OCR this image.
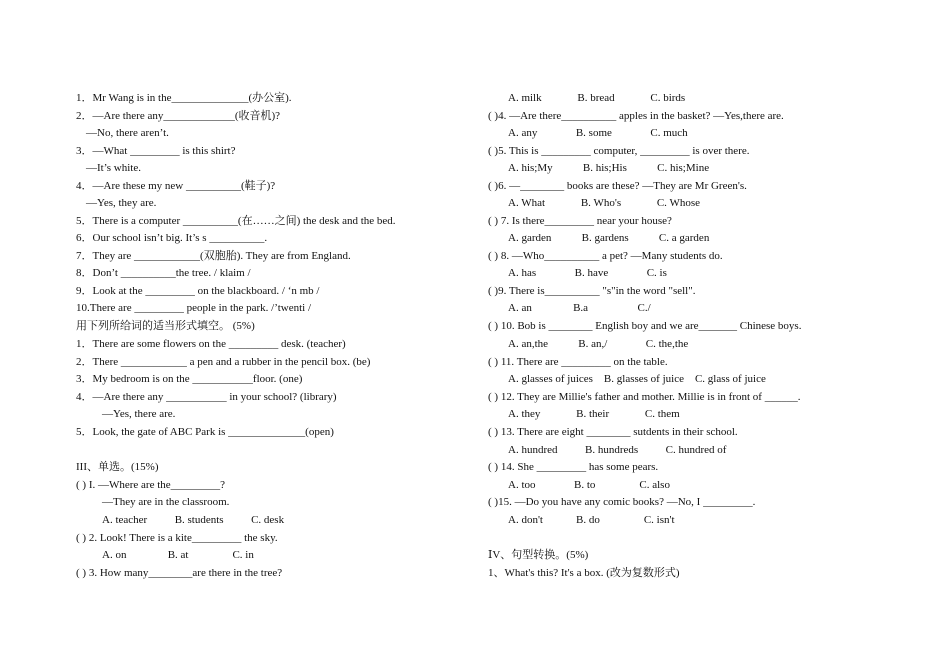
1．Mr Wang is in the______________(办公室).
2．—Are there any_____________(收音机)?
—No, there aren’t.
3．—What _________ is this shirt?
—It’s white.
4．—Are these my new __________(鞋子)?
—Yes, they are.
5．There is a computer __________(在……之间) the desk and the bed.
6．Our school isn’t big. It’s s __________.
7．They are ____________(双胞胎). They are from England.
8．Don’t __________the tree. / klaim /
9．Look at the _________ on the blackboard. / ‘n mb /
10.There are _________ people in the park. /’twenti /
用下列所给词的适当形式填空。 (5%)
1．There are some flowers on the _________ desk. (teacher)
2．There ____________ a pen and a rubber in the pencil box. (be)
3．My bedroom is on the ___________floor. (one)
4．—Are there any ___________ in your school? (library)
—Yes, there are.
5．Look, the gate of ABC Park is ______________(open)
III、单选。(15%)
( ) I. —Where are the_________?
—They are in the classroom.
A. teacher          B. students          C. desk
( ) 2. Look! There is a kite_________ the sky.
A. on               B. at                C. in
( ) 3. How many________are there in the tree?
A. milk             B. bread             C. birds
( )4. —Are there__________ apples in the basket? —Yes,there are.
A. any              B. some              C. much
( )5. This is _________ computer, _________ is over there.
A. his;My           B. his;His           C. his;Mine
( )6. —________ books are these? —They are Mr Green's.
A. What             B. Who's             C. Whose
( ) 7. Is there_________ near your house?
A. garden           B. gardens           C. a garden
( ) 8. —Who__________ a pet? —Many students do.
A. has              B. have              C. is
( )9. There is__________ "s"in the word "sell".
A. an               B.a                  C./
( ) 10. Bob is ________ English boy and we are_______ Chinese boys.
A. an,the           B. an,/              C. the,the
( ) 11. There are _________ on the table.
A. glasses of juices    B. glasses of juice    C. glass of juice
( ) 12. They are Millie's father and mother. Millie is in front of ______.
A. they             B. their             C. them
( ) 13. There are eight ________ sutdents in their school.
A. hundred          B. hundreds          C. hundred of
( ) 14. She _________ has some pears.
A. too              B. to                C. also
( )15. —Do you have any comic books? —No, I _________.
A. don't            B. do                C. isn't
ⅠV、句型转换。(5%)
1、What's this? It's a box. (改为复数形式)
